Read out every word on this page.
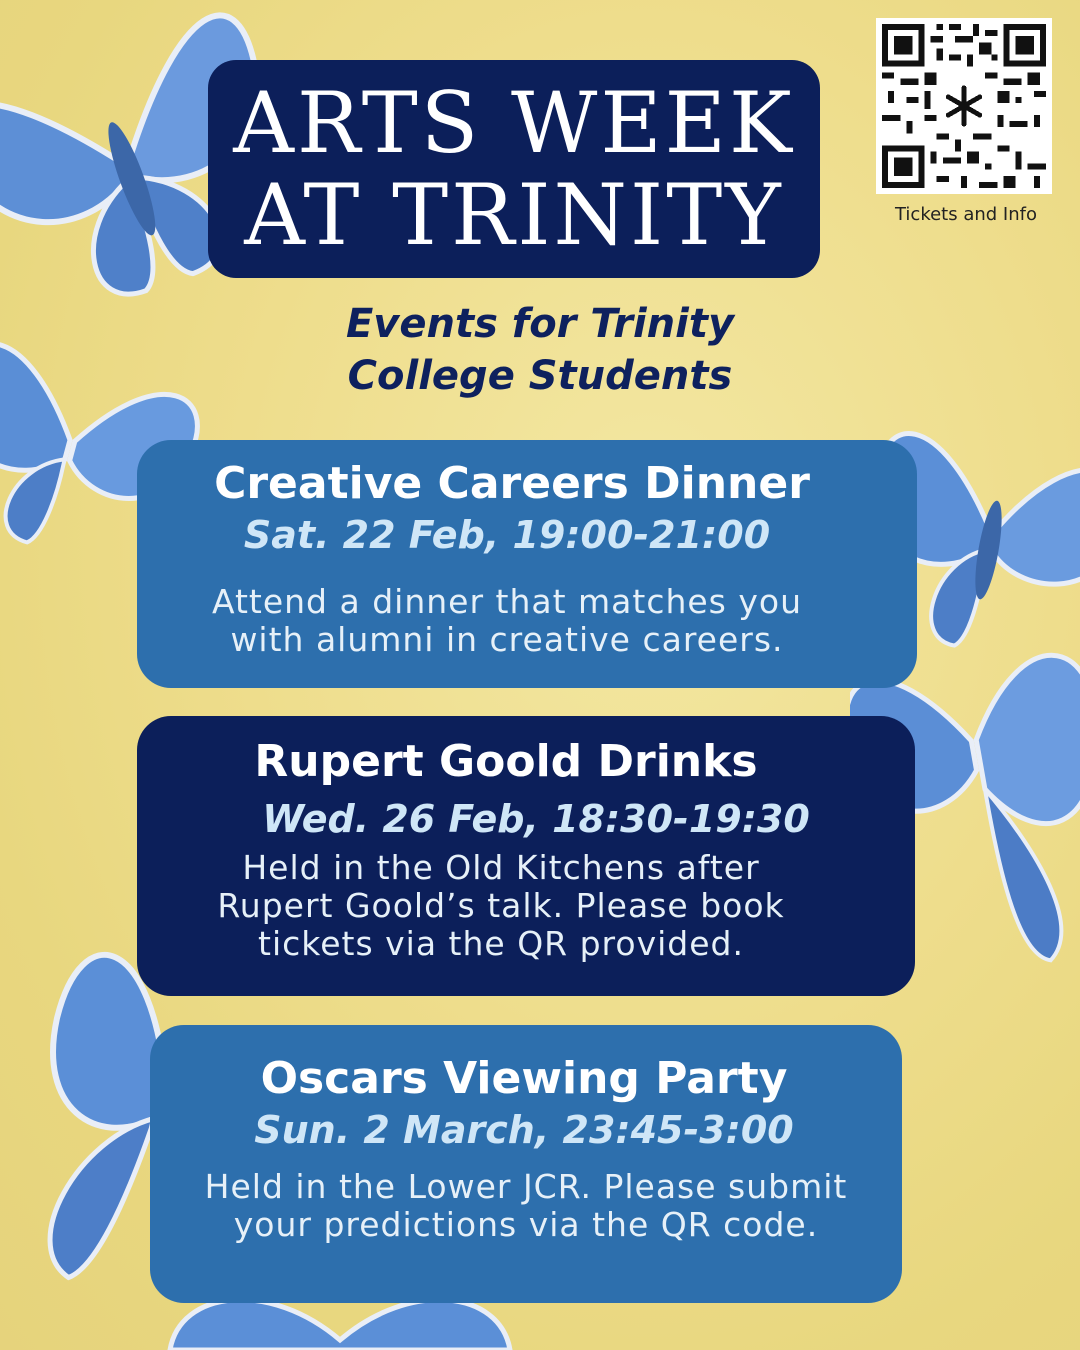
ARTS WEEK
AT TRINITY
Events for Trinity
College Students
Tickets and Info
Creative Careers Dinner
Sat. 22 Feb, 19:00-21:00
Attend a dinner that matches you
with alumni in creative careers.
Rupert Goold Drinks
Wed. 26 Feb, 18:30-19:30
Held in the Old Kitchens after
Rupert Goold’s talk. Please book
tickets via the QR provided.
Oscars Viewing Party
Sun. 2 March, 23:45-3:00
Held in the Lower JCR. Please submit
your predictions via the QR code.
